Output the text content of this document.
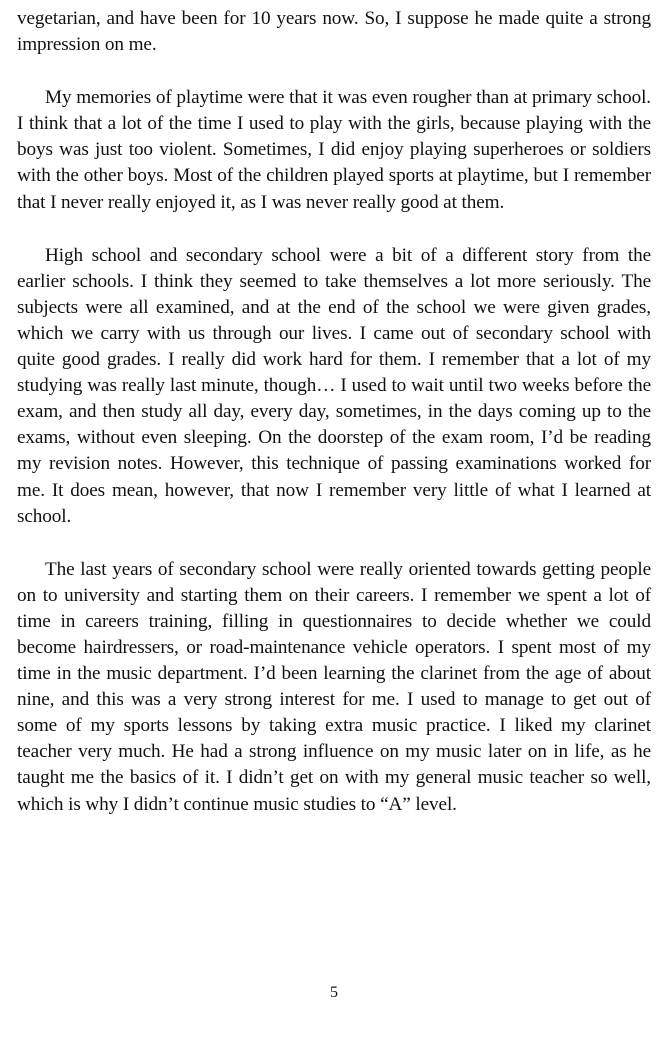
vegetarian, and have been for 10 years now. So, I suppose he made quite a strong impression on me.

My memories of playtime were that it was even rougher than at primary school. I think that a lot of the time I used to play with the girls, because playing with the boys was just too violent. Sometimes, I did enjoy playing superheroes or soldiers with the other boys. Most of the children played sports at playtime, but I remember that I never really enjoyed it, as I was never really good at them.

High school and secondary school were a bit of a different story from the earlier schools. I think they seemed to take themselves a lot more seriously. The subjects were all examined, and at the end of the school we were given grades, which we carry with us through our lives. I came out of secondary school with quite good grades. I really did work hard for them. I remember that a lot of my studying was really last minute, though… I used to wait until two weeks before the exam, and then study all day, every day, sometimes, in the days coming up to the exams, without even sleeping. On the doorstep of the exam room, I’d be reading my revision notes. However, this technique of passing examinations worked for me. It does mean, however, that now I remember very little of what I learned at school.

The last years of secondary school were really oriented towards getting people on to university and starting them on their careers. I remember we spent a lot of time in careers training, filling in questionnaires to decide whether we could become hairdressers, or road-maintenance vehicle operators. I spent most of my time in the music department. I’d been learning the clarinet from the age of about nine, and this was a very strong interest for me. I used to manage to get out of some of my sports lessons by taking extra music practice. I liked my clarinet teacher very much. He had a strong influence on my music later on in life, as he taught me the basics of it. I didn’t get on with my general music teacher so well, which is why I didn’t continue music studies to “A” level.

5
